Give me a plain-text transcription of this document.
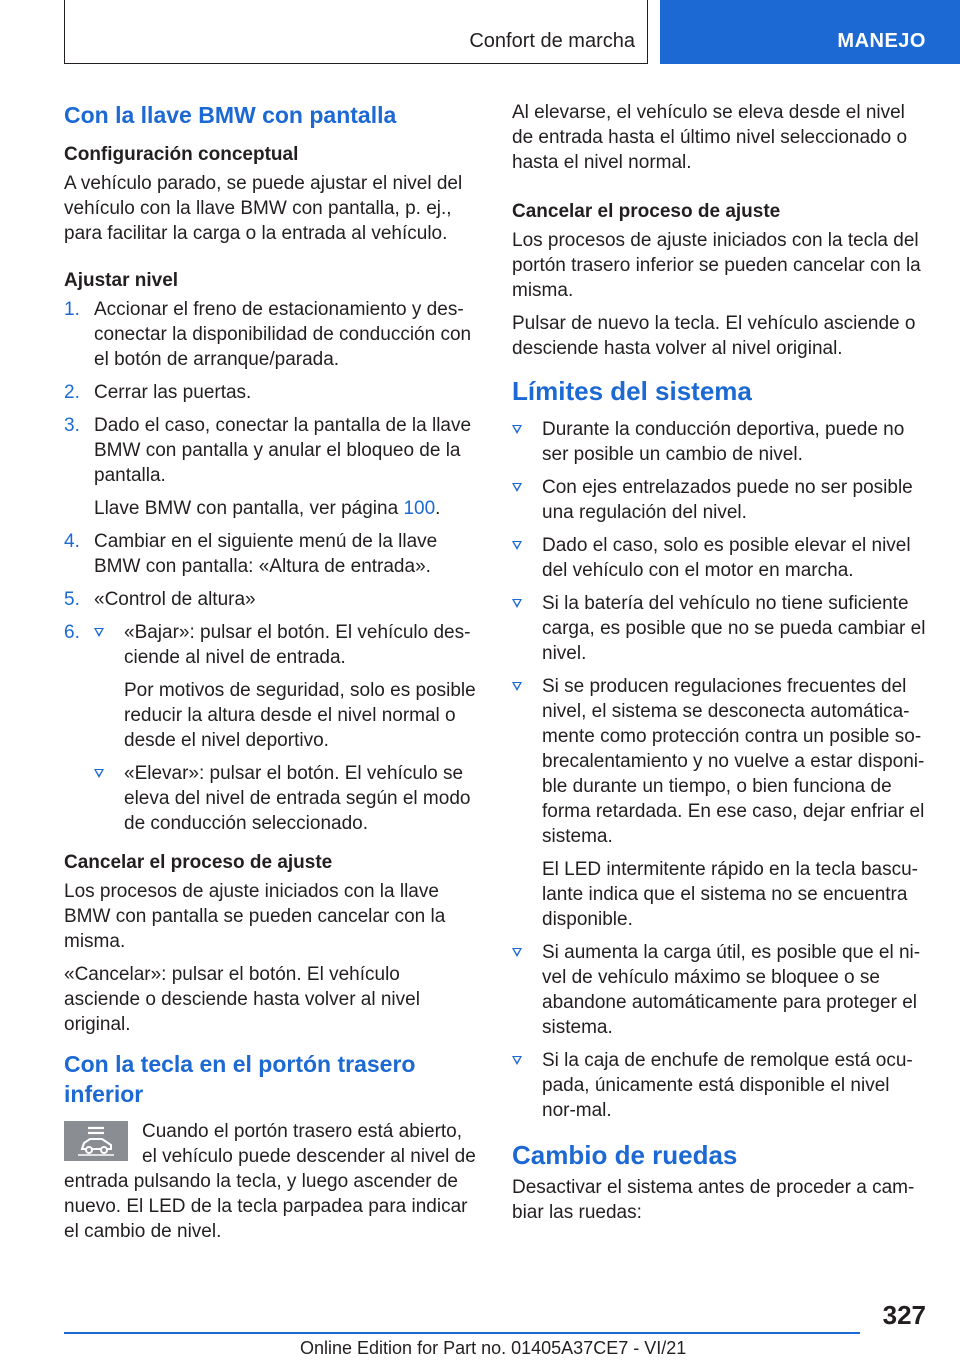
Confort de marcha	MANEJO
Con la llave BMW con pantalla
Configuración conceptual

A vehículo parado, se puede ajustar el nivel del vehículo con la llave BMW con pantalla, p. ej., para facilitar la carga o la entrada al vehículo.

Ajustar nivel
1. Accionar el freno de estacionamiento y des‐conectar la disponibilidad de conducción con el botón de arranque/parada.
2. Cerrar las puertas.
3. Dado el caso, conectar la pantalla de la llave BMW con pantalla y anular el bloqueo de la pantalla.
Llave BMW con pantalla, ver página 100.
4. Cambiar en el siguiente menú de la llave BMW con pantalla: «Altura de entrada».
5. «Control de altura»
6.	«Bajar»: pulsar el botón. El vehículo des‐ciende al nivel de entrada.
Por motivos de seguridad, solo es posible reducir la altura desde el nivel normal o desde el nivel deportivo.
«Elevar»: pulsar el botón. El vehículo se eleva del nivel de entrada según el modo de conducción seleccionado.
Cancelar el proceso de ajuste

Los procesos de ajuste iniciados con la llave BMW con pantalla se pueden cancelar con la misma.

«Cancelar»: pulsar el botón. El vehículo asciende o desciende hasta volver al nivel original.

Con la tecla en el portón trasero inferior
Cuando el portón trasero está abierto, el vehículo puede descender al nivel de entrada pulsando la tecla, y luego ascender de nuevo. El LED de la tecla parpadea para indicar el cambio de nivel.

Al elevarse, el vehículo se eleva desde el nivel de entrada hasta el último nivel seleccionado o hasta el nivel normal.

Cancelar el proceso de ajuste

Los procesos de ajuste iniciados con la tecla del portón trasero inferior se pueden cancelar con la misma.

Pulsar de nuevo la tecla. El vehículo asciende o desciende hasta volver al nivel original.

Límites del sistema
Durante la conducción deportiva, puede no ser posible un cambio de nivel.
Con ejes entrelazados puede no ser posible una regulación del nivel.
Dado el caso, solo es posible elevar el nivel del vehículo con el motor en marcha.
Si la batería del vehículo no tiene suficiente carga, es posible que no se pueda cambiar el nivel.
Si se producen regulaciones frecuentes del nivel, el sistema se desconecta automática‐mente como protección contra un posible so‐brecalentamiento y no vuelve a estar disponi‐ble durante un tiempo, o bien funciona de forma retardada. En ese caso, dejar enfriar el sistema.
El LED intermitente rápido en la tecla bascu‐lante indica que el sistema no se encuentra disponible.
Si aumenta la carga útil, es posible que el ni‐vel de vehículo máximo se bloquee o se abandone automáticamente para proteger el sistema.
Si la caja de enchufe de remolque está ocu‐pada, únicamente está disponible el nivel nor‐mal.
Cambio de ruedas

Desactivar el sistema antes de proceder a cam‐biar las ruedas:

327
Online Edition for Part no. 01405A37CE7 - VI/21
